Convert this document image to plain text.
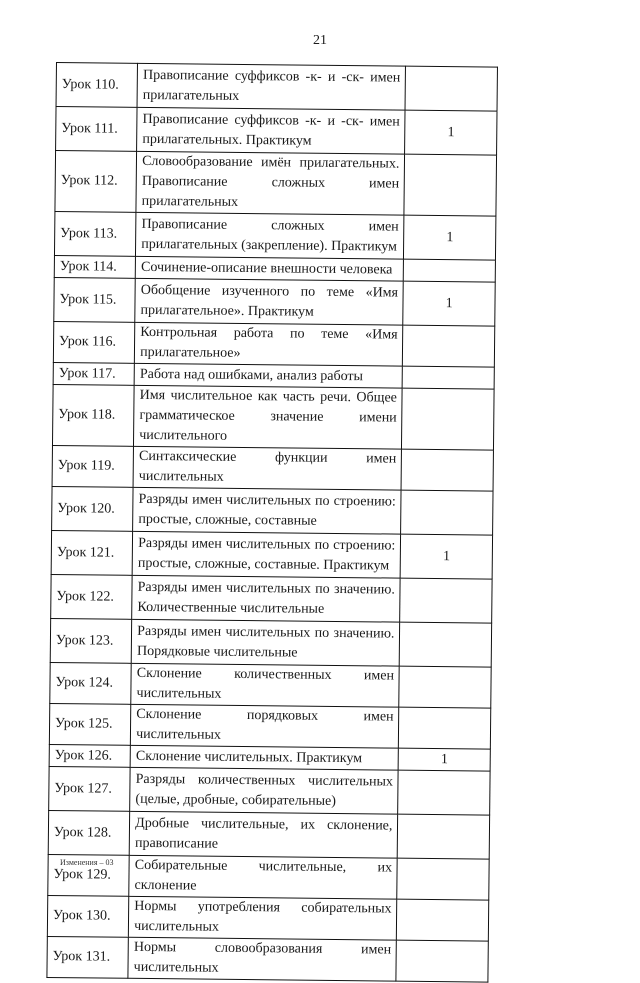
21
Урок 110.	Правописание суффиксов -к- и -ск- имен прилагательных	
Урок 111.	Правописание суффиксов -к- и -ск- имен прилагательных. Практикум	1
Урок 112.	Словообразование имён прилагательных. Правописание сложных имен прилагательных	
Урок 113.	Правописание сложных имен прилагательных (закрепление). Практикум	1
Урок 114.	Сочинение-описание внешности человека	
Урок 115.	Обобщение изученного по теме «Имя прилагательное». Практикум	1
Урок 116.	Контрольная работа по теме «Имя прилагательное»	
Урок 117.	Работа над ошибками, анализ работы	
Урок 118.	Имя числительное как часть речи. Общее грамматическое значение имени числительного	
Урок 119.	Синтаксические функции имен числительных	
Урок 120.	Разряды имен числительных по строению: простые, сложные, составные	
Урок 121.	Разряды имен числительных по строению: простые, сложные, составные. Практикум	1
Урок 122.	Разряды имен числительных по значению. Количественные числительные	
Урок 123.	Разряды имен числительных по значению. Порядковые числительные	
Урок 124.	Склонение количественных имен числительных	
Урок 125.	Склонение порядковых имен числительных	
Урок 126.	Склонение числительных. Практикум	1
Урок 127.	Разряды количественных числительных (целые, дробные, собирательные)	
Урок 128.	Дробные числительные, их склонение, правописание	
Урок 129.	Собирательные числительные, их склонение	
Урок 130.	Нормы употребления собирательных числительных	
Урок 131.	Нормы словообразования имен числительных	
Изменения – 03
